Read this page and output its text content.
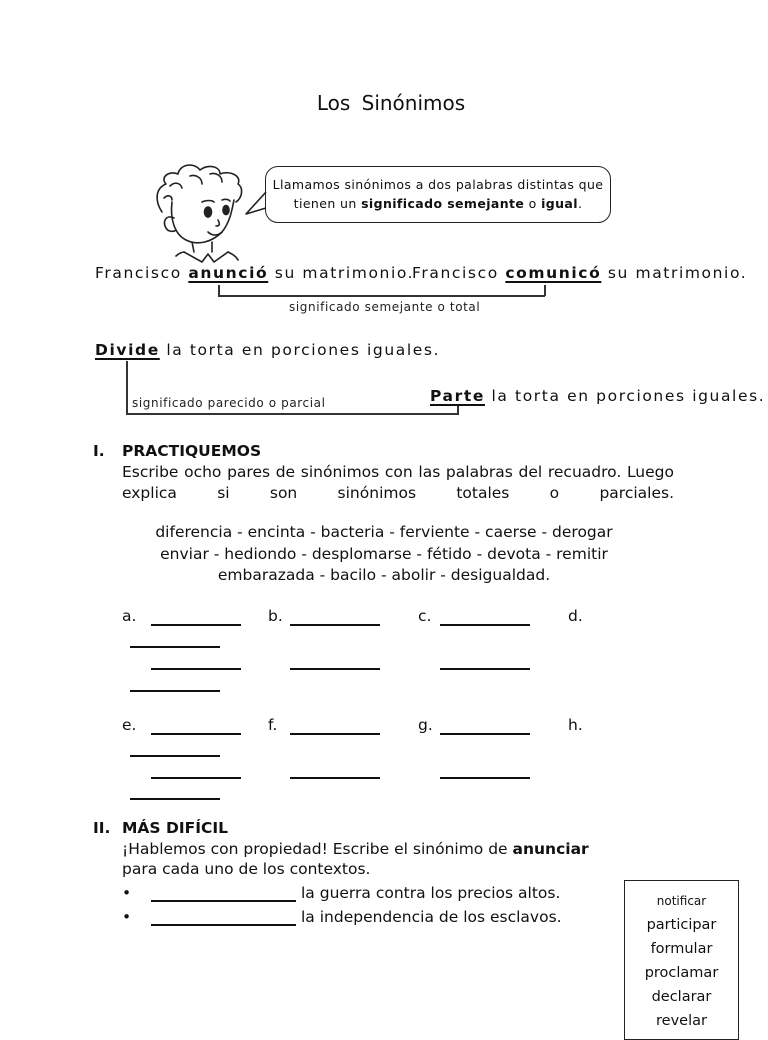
Los Sinónimos
Llamamos sinónimos a dos palabras distintas que
tienen un significado semejante o igual.
Francisco anunció su matrimonio.
Francisco comunicó su matrimonio.
significado semejante o total
Divide la torta en porciones iguales.
significado parecido o parcial	Parte la torta en porciones iguales.
I. PRACTIQUEMOS
Escribe ocho pares de sinónimos con las palabras del recuadro. Luego explica si son sinónimos totales o parciales.
diferencia - encinta - bacteria - ferviente - caerse - derogar
enviar - hediondo - desplomarse - fétido - devota - remitir
embarazada - bacilo - abolir - desigualdad.
a.	b.	c.	d.
e.	f.	g.	h.
II. MÁS DIFÍCIL
¡Hablemos con propiedad! Escribe el sinónimo de anunciar
para cada uno de los contextos.
•	la guerra contra los precios altos.
•	la independencia de los esclavos.
notificar
participar
formular
proclamar
declarar
revelar
